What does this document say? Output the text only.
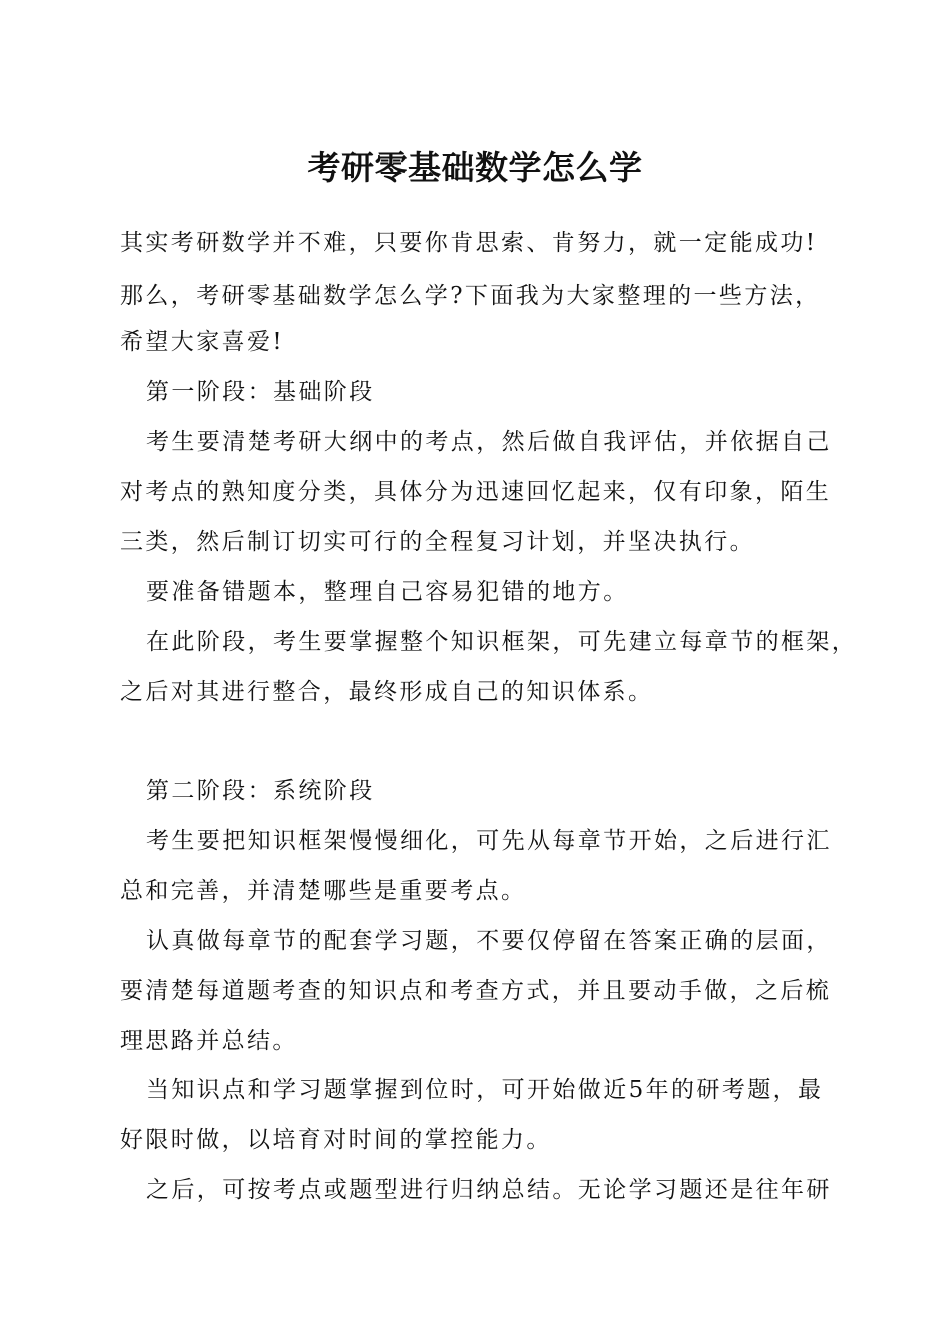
考研零基础数学怎么学
其实考研数学并不难，只要你肯思索、肯努力，就一定能成功!
那么，考研零基础数学怎么学?下面我为大家整理的一些方法，
希望大家喜爱!
第一阶段：基础阶段
考生要清楚考研大纲中的考点，然后做自我评估，并依据自己
对考点的熟知度分类，具体分为迅速回忆起来，仅有印象，陌生
三类，然后制订切实可行的全程复习计划，并坚决执行。
要准备错题本，整理自己容易犯错的地方。
在此阶段，考生要掌握整个知识框架，可先建立每章节的框架，
之后对其进行整合，最终形成自己的知识体系。
第二阶段：系统阶段
考生要把知识框架慢慢细化，可先从每章节开始，之后进行汇
总和完善，并清楚哪些是重要考点。
认真做每章节的配套学习题，不要仅停留在答案正确的层面，
要清楚每道题考查的知识点和考查方式，并且要动手做，之后梳
理思路并总结。
当知识点和学习题掌握到位时，可开始做近5年的研考题，最
好限时做，以培育对时间的掌控能力。
之后，可按考点或题型进行归纳总结。无论学习题还是往年研
